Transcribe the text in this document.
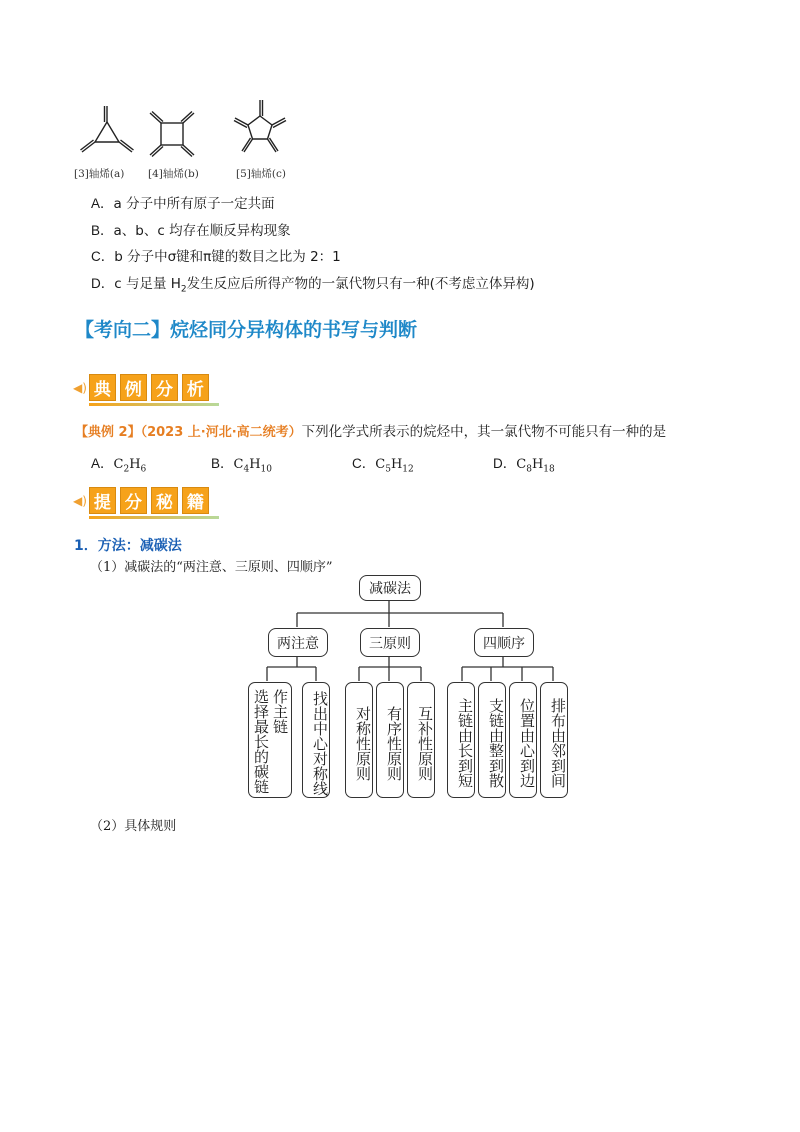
[3]轴烯(a) [4]轴烯(b)	[5]轴烯(c)
A．a 分子中所有原子一定共面
B．a、b、c 均存在顺反异构现象
C．b 分子中σ键和π键的数目之比为 2：1
D．c 与足量 $H_2$发生反应后所得产物的一氯代物只有一种(不考虑立体异构)
【考向二】烷烃同分异构体的书写与判断
◀) 典 例 分 析
【典例 2】（2023 上·河北·高二统考）下列化学式所表示的烷烃中，其一氯代物不可能只有一种的是
A．$C_2H_6$	B．$C_4H_{10}$	C．$C_5H_{12}$	D．$C_8H_{18}$
◀) 提 分 秘 籍
1．方法：减碳法
（1）减碳法的“两注意、三原则、四顺序”
减碳法
两注意	三原则	四顺序
作主链
选择最长的碳链	找出中心对称线	对称性原则 有序性原则 互补性原则	主链由长到短 支链由整到散 位置由心到边 排布由邻到间
（2）具体规则
